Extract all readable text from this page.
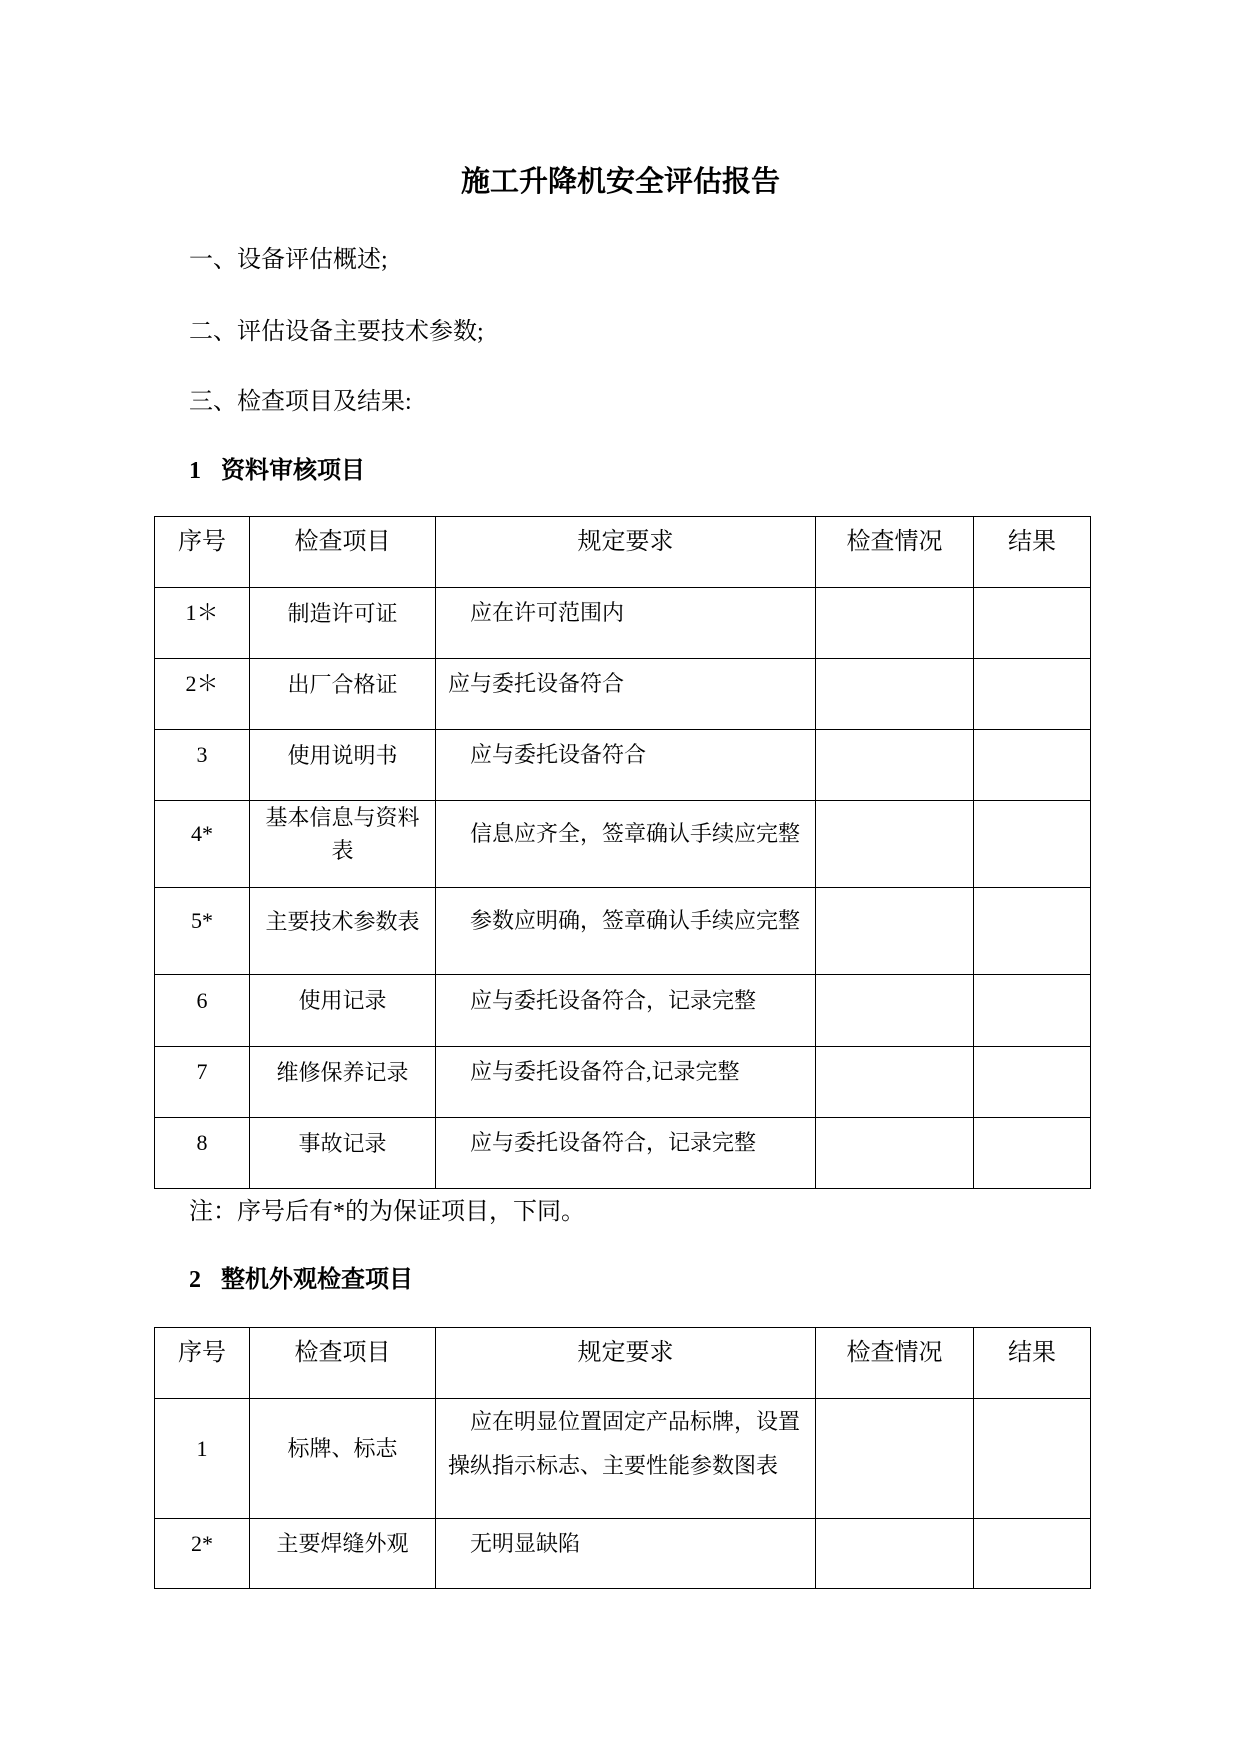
施工升降机安全评估报告
一、设备评估概述;
二、评估设备主要技术参数;
三、检查项目及结果:
1 资料审核项目
序号	检查项目	规定要求	检查情况	结果
1＊	制造许可证	应在许可范围内		
2＊	出厂合格证	应与委托设备符合		
3	使用说明书	应与委托设备符合		
4*	基本信息与资料表	信息应齐全，签章确认手续应完整		
5*	主要技术参数表	参数应明确，签章确认手续应完整		
6	使用记录	应与委托设备符合，记录完整		
7	维修保养记录	应与委托设备符合,记录完整		
8	事故记录	应与委托设备符合，记录完整		
注：序号后有*的为保证项目，下同。
2 整机外观检查项目
序号	检查项目	规定要求	检查情况	结果
1	标牌、标志	应在明显位置固定产品标牌，设置操纵指示标志、主要性能参数图表		
2*	主要焊缝外观	无明显缺陷		
